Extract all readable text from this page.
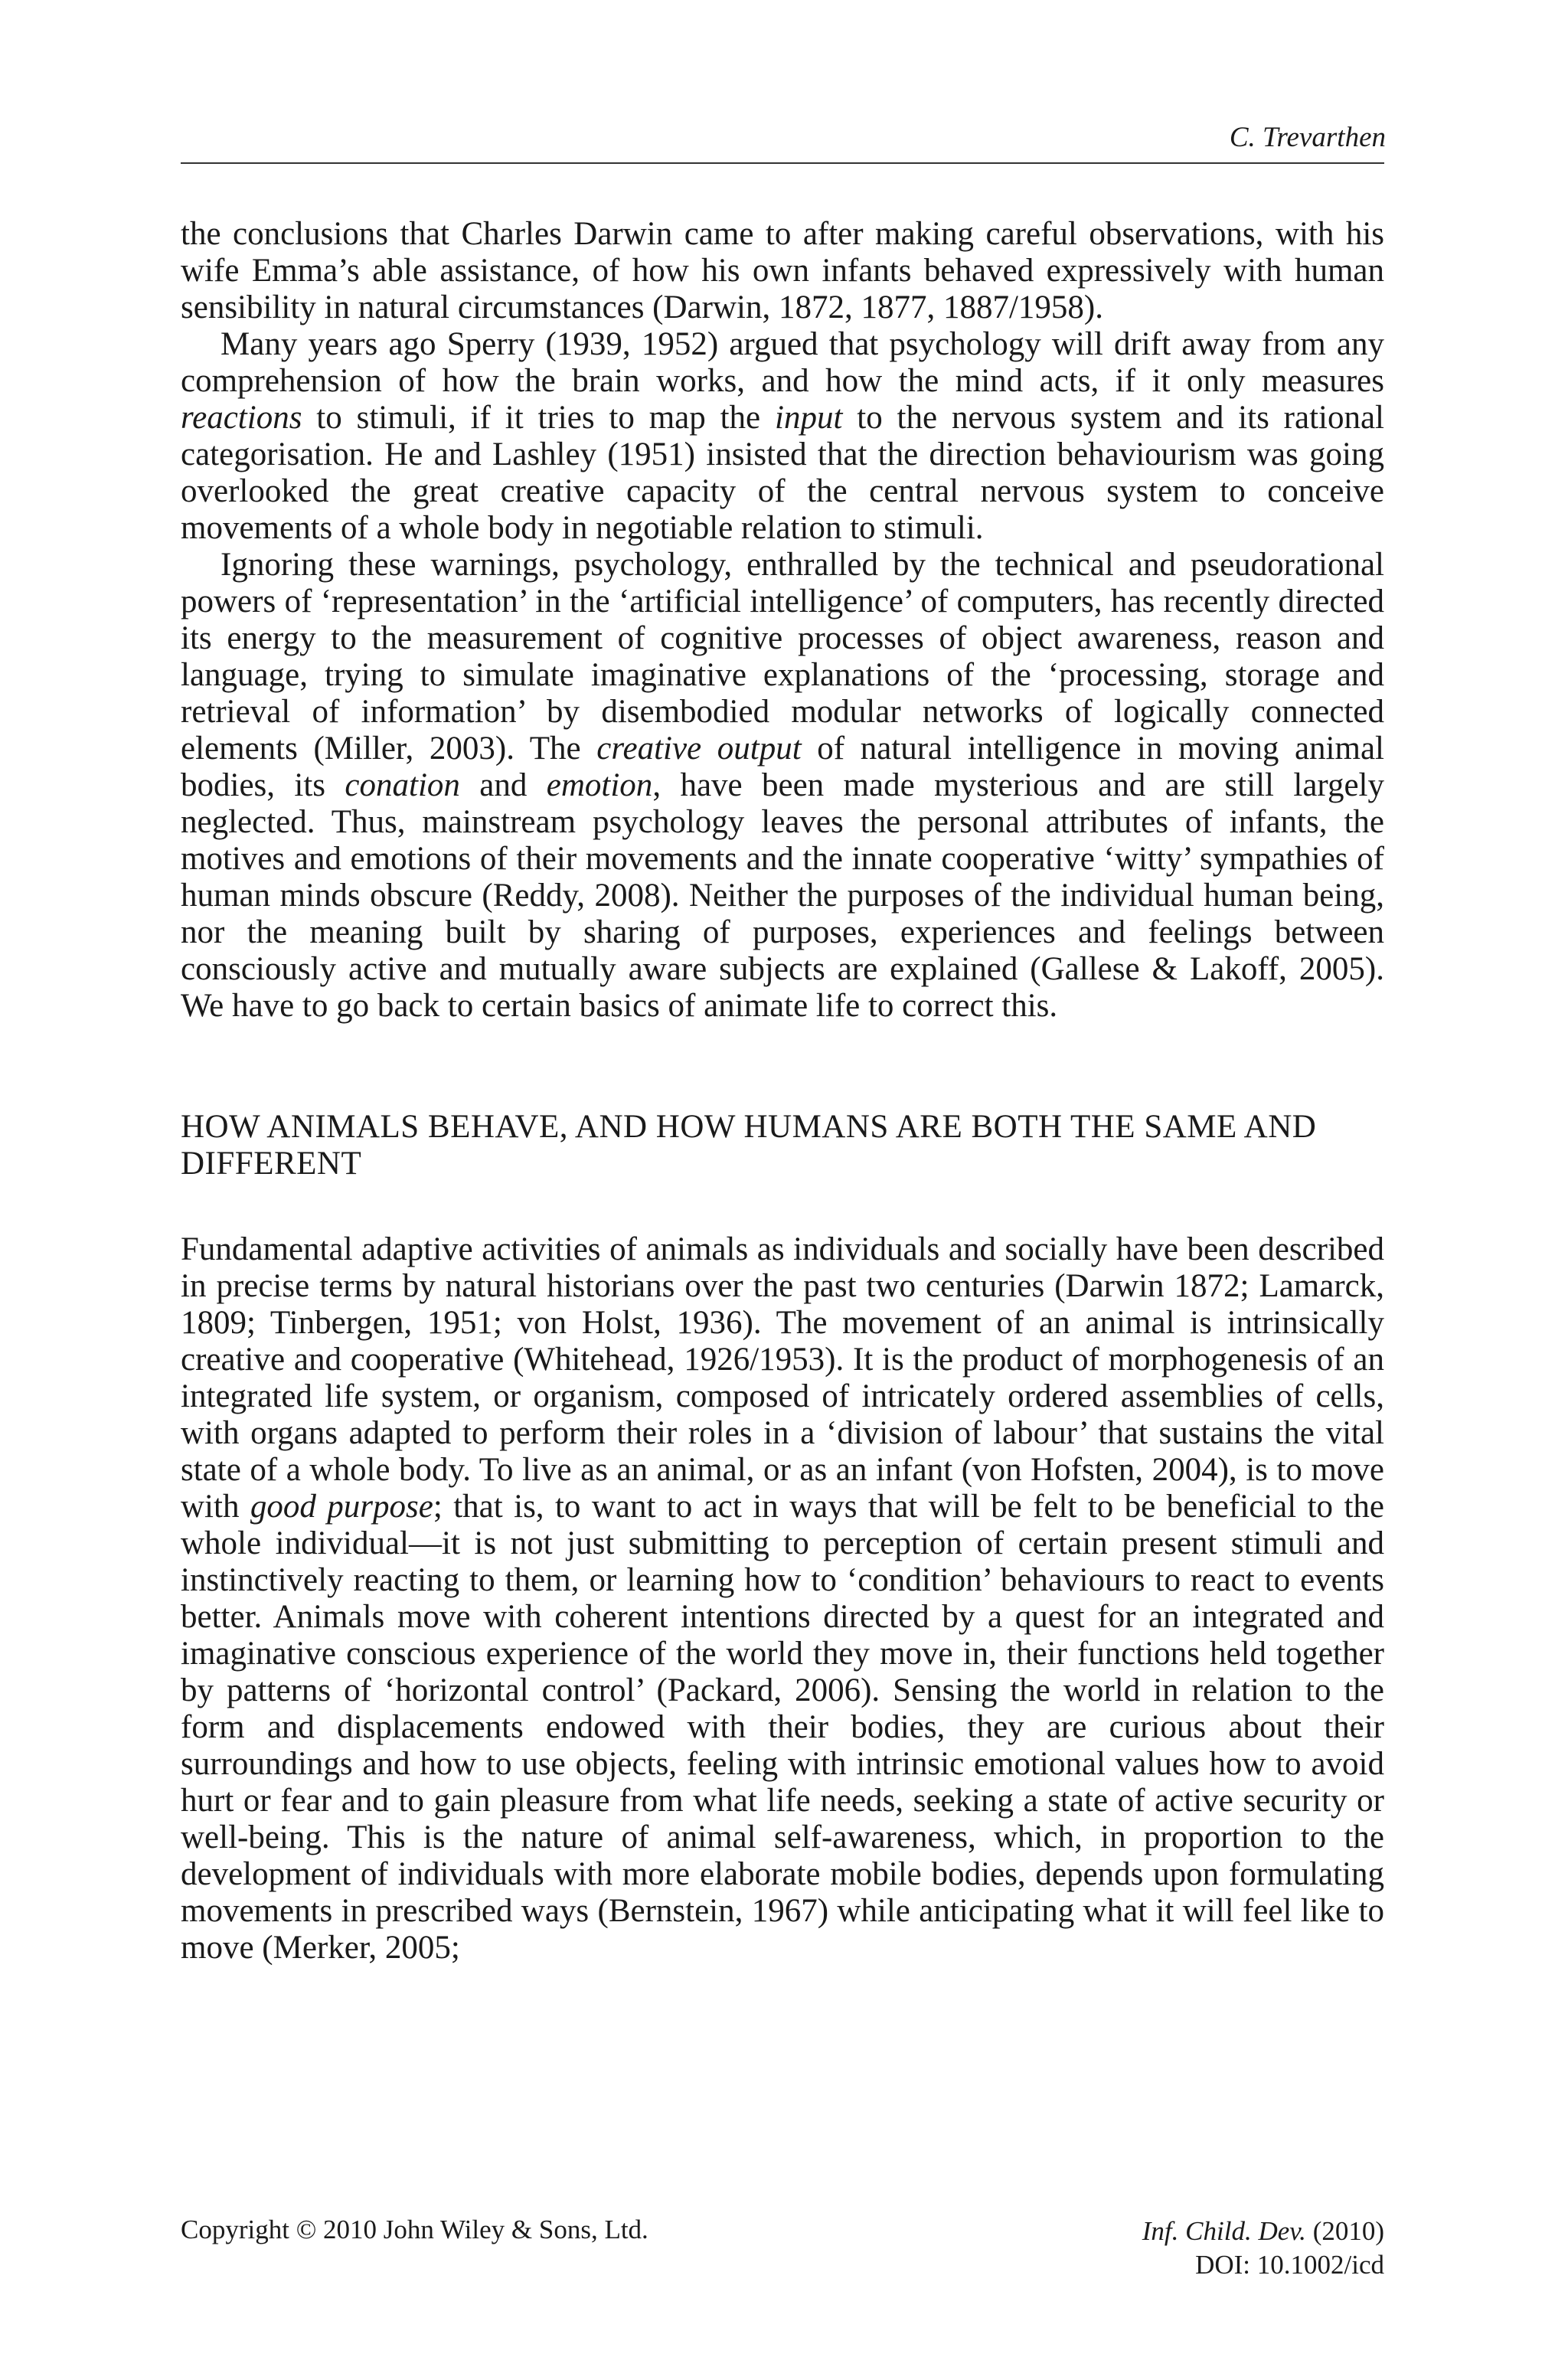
C. Trevarthen

the conclusions that Charles Darwin came to after making careful observations, with his wife Emma’s able assistance, of how his own infants behaved expressively with human sensibility in natural circumstances (Darwin, 1872, 1877, 1887/1958).

Many years ago Sperry (1939, 1952) argued that psychology will drift away from any comprehension of how the brain works, and how the mind acts, if it only measures reactions to stimuli, if it tries to map the input to the nervous system and its rational categorisation. He and Lashley (1951) insisted that the direction behaviourism was going overlooked the great creative capacity of the central nervous system to conceive movements of a whole body in negotiable relation to stimuli.

Ignoring these warnings, psychology, enthralled by the technical and pseudorational powers of ‘representation’ in the ‘artificial intelligence’ of computers, has recently directed its energy to the measurement of cognitive processes of object awareness, reason and language, trying to simulate imaginative explanations of the ‘processing, storage and retrieval of information’ by disembodied modular networks of logically connected elements (Miller, 2003). The creative output of natural intelligence in moving animal bodies, its conation and emotion, have been made mysterious and are still largely neglected. Thus, mainstream psychology leaves the personal attributes of infants, the motives and emotions of their movements and the innate cooperative ‘witty’ sympathies of human minds obscure (Reddy, 2008). Neither the purposes of the individual human being, nor the meaning built by sharing of purposes, experiences and feelings between consciously active and mutually aware subjects are explained (Gallese & Lakoff, 2005). We have to go back to certain basics of animate life to correct this.

HOW ANIMALS BEHAVE, AND HOW HUMANS ARE BOTH THE SAME AND DIFFERENT

Fundamental adaptive activities of animals as individuals and socially have been described in precise terms by natural historians over the past two centuries (Darwin 1872; Lamarck, 1809; Tinbergen, 1951; von Holst, 1936). The movement of an animal is intrinsically creative and cooperative (Whitehead, 1926/1953). It is the product of morphogenesis of an integrated life system, or organism, composed of intricately ordered assemblies of cells, with organs adapted to perform their roles in a ‘division of labour’ that sustains the vital state of a whole body. To live as an animal, or as an infant (von Hofsten, 2004), is to move with good purpose; that is, to want to act in ways that will be felt to be beneficial to the whole individual—it is not just submitting to perception of certain present stimuli and instinctively reacting to them, or learning how to ‘condition’ behaviours to react to events better. Animals move with coherent intentions directed by a quest for an integrated and imaginative conscious experience of the world they move in, their functions held together by patterns of ‘horizontal control’ (Packard, 2006). Sensing the world in relation to the form and displacements endowed with their bodies, they are curious about their surroundings and how to use objects, feeling with intrinsic emotional values how to avoid hurt or fear and to gain pleasure from what life needs, seeking a state of active security or well-being. This is the nature of animal self-awareness, which, in proportion to the development of individuals with more elaborate mobile bodies, depends upon formulating movements in prescribed ways (Bernstein, 1967) while anticipating what it will feel like to move (Merker, 2005;

Copyright © 2010 John Wiley & Sons, Ltd.	Inf. Child. Dev. (2010)
DOI: 10.1002/icd
